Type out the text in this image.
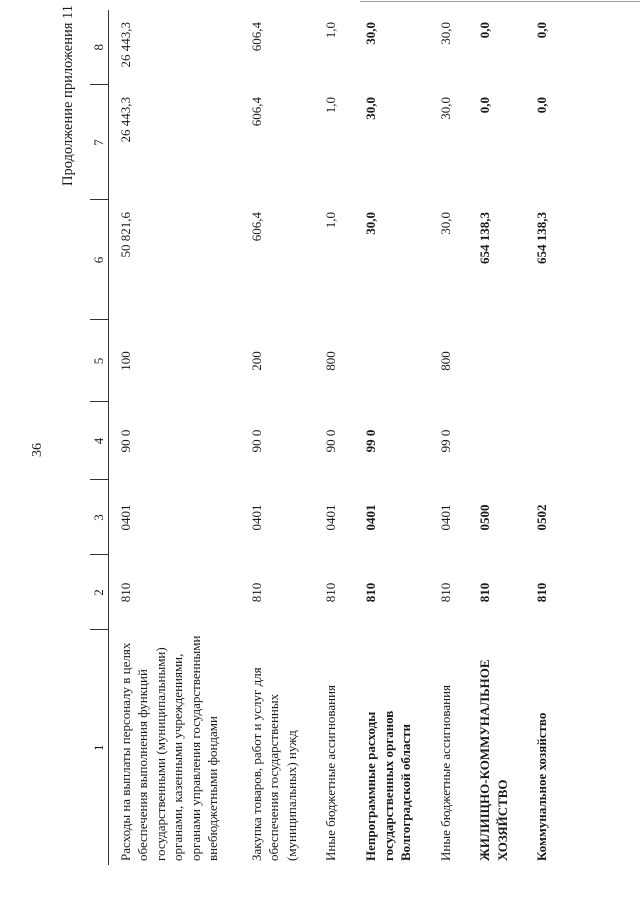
36
Продолжение приложения 11
1	2	3	4	5	6	7	8
Расходы на выплаты персоналу в целях обеспечения выполнения функций государственными (муниципальными) органами, казенными учреждениями, органами управления государственными внебюджетными фондами	810	0401	90 0	100	50 821,6	26 443,3	26 443,3
Закупка товаров, работ и услуг для обеспечения государственных (муниципальных) нужд	810	0401	90 0	200	606,4	606,4	606,4
Иные бюджетные ассигнования	810	0401	90 0	800	1,0	1,0	1,0
Непрограммные расходы государственных органов Волгоградской области	810	0401	99 0		30,0	30,0	30,0
Иные бюджетные ассигнования	810	0401	99 0	800	30,0	30,0	30,0
ЖИЛИЩНО-КОММУНАЛЬНОЕ ХОЗЯЙСТВО	810	0500			654 138,3	0,0	0,0
Коммунальное хозяйство	810	0502			654 138,3	0,0	0,0
